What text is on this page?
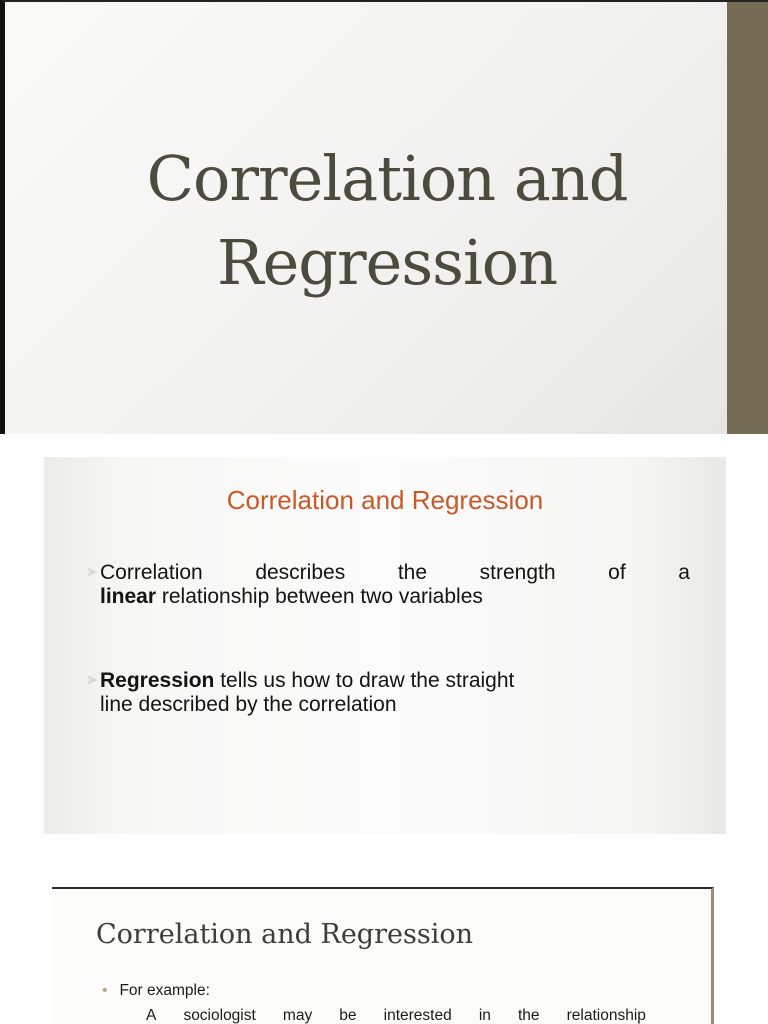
Correlation and
Regression
Correlation and Regression
➤ Correlation	describes	the	strength	of	a
linear relationship between two variables
➤ Regression tells us how to draw the straight
line described by the correlation
Correlation and Regression
• For example:
A sociologist may be interested in the relationship
